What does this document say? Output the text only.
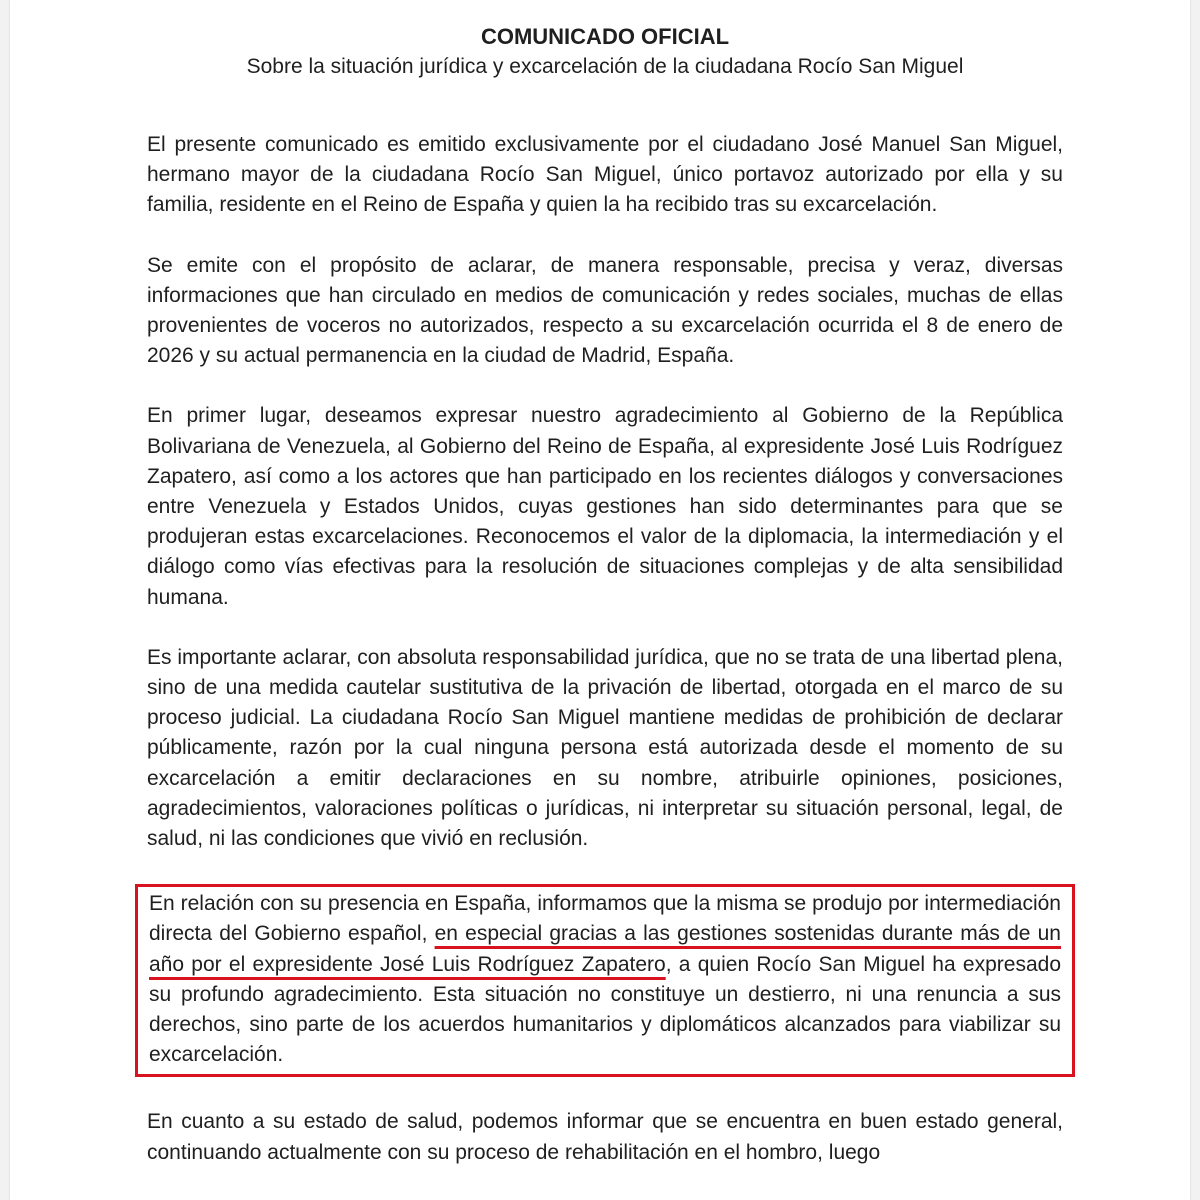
COMUNICADO OFICIAL

Sobre la situación jurídica y excarcelación de la ciudadana Rocío San Miguel

El presente comunicado es emitido exclusivamente por el ciudadano José Manuel San Miguel, hermano mayor de la ciudadana Rocío San Miguel, único portavoz autorizado por ella y su familia, residente en el Reino de España y quien la ha recibido tras su excarcelación.

Se emite con el propósito de aclarar, de manera responsable, precisa y veraz, diversas informaciones que han circulado en medios de comunicación y redes sociales, muchas de ellas provenientes de voceros no autorizados, respecto a su excarcelación ocurrida el 8 de enero de 2026 y su actual permanencia en la ciudad de Madrid, España.

En primer lugar, deseamos expresar nuestro agradecimiento al Gobierno de la República Bolivariana de Venezuela, al Gobierno del Reino de España, al expresidente José Luis Rodríguez Zapatero, así como a los actores que han participado en los recientes diálogos y conversaciones entre Venezuela y Estados Unidos, cuyas gestiones han sido determinantes para que se produjeran estas excarcelaciones. Reconocemos el valor de la diplomacia, la intermediación y el diálogo como vías efectivas para la resolución de situaciones complejas y de alta sensibilidad humana.

Es importante aclarar, con absoluta responsabilidad jurídica, que no se trata de una libertad plena, sino de una medida cautelar sustitutiva de la privación de libertad, otorgada en el marco de su proceso judicial. La ciudadana Rocío San Miguel mantiene medidas de prohibición de declarar públicamente, razón por la cual ninguna persona está autorizada desde el momento de su excarcelación a emitir declaraciones en su nombre, atribuirle opiniones, posiciones, agradecimientos, valoraciones políticas o jurídicas, ni interpretar su situación personal, legal, de salud, ni las condiciones que vivió en reclusión.

En relación con su presencia en España, informamos que la misma se produjo por intermediación directa del Gobierno español, en especial gracias a las gestiones sostenidas durante más de un año por el expresidente José Luis Rodríguez Zapatero, a quien Rocío San Miguel ha expresado su profundo agradecimiento. Esta situación no constituye un destierro, ni una renuncia a sus derechos, sino parte de los acuerdos humanitarios y diplomáticos alcanzados para viabilizar su excarcelación.

En cuanto a su estado de salud, podemos informar que se encuentra en buen estado general, continuando actualmente con su proceso de rehabilitación en el hombro, luego
